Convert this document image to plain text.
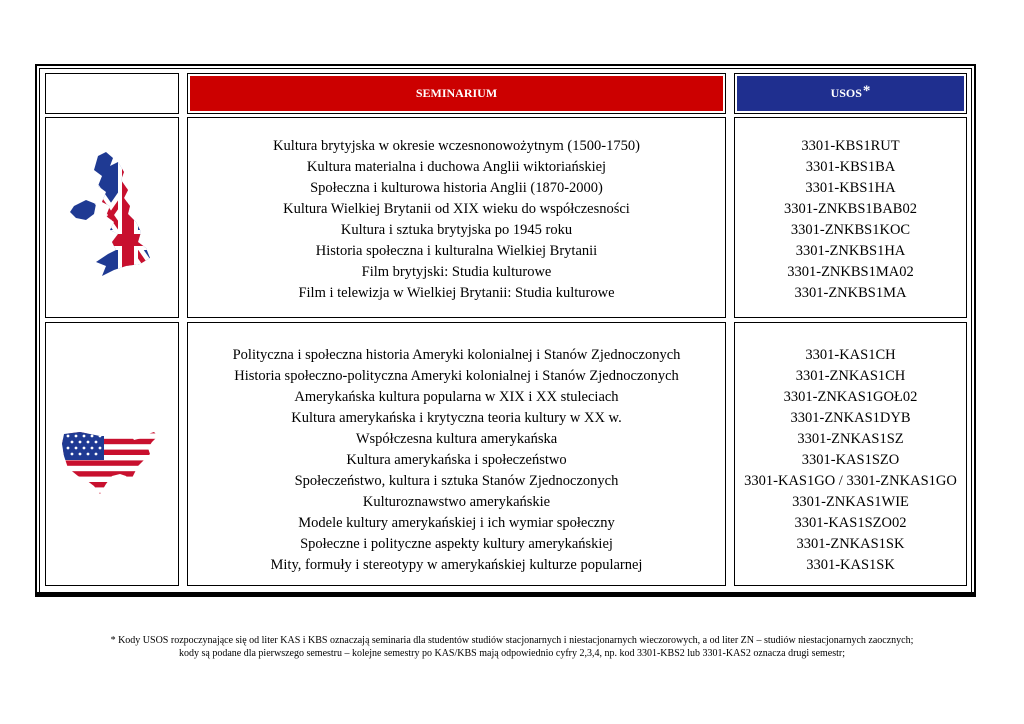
SEMINARIUM	USOS*
Kultura brytyjska w okresie wczesnonowożytnym (1500-1750)
Kultura materialna i duchowa Anglii wiktoriańskiej
Społeczna i kulturowa historia Anglii (1870-2000)
Kultura Wielkiej Brytanii od XIX wieku do współczesności
Kultura i sztuka brytyjska po 1945 roku
Historia społeczna i kulturalna Wielkiej Brytanii
Film brytyjski: Studia kulturowe
Film i telewizja w Wielkiej Brytanii: Studia kulturowe
3301-KBS1RUT
3301-KBS1BA
3301-KBS1HA
3301-ZNKBS1BAB02
3301-ZNKBS1KOC
3301-ZNKBS1HA
3301-ZNKBS1MA02
3301-ZNKBS1MA
Polityczna i społeczna historia Ameryki kolonialnej i Stanów Zjednoczonych
Historia społeczno-polityczna Ameryki kolonialnej i Stanów Zjednoczonych
Amerykańska kultura popularna w XIX i XX stuleciach
Kultura amerykańska i krytyczna teoria kultury w XX w.
Współczesna kultura amerykańska
Kultura amerykańska i społeczeństwo
Społeczeństwo, kultura i sztuka Stanów Zjednoczonych
Kulturoznawstwo amerykańskie
Modele kultury amerykańskiej i ich wymiar społeczny
Społeczne i polityczne aspekty kultury amerykańskiej
Mity, formuły i stereotypy w amerykańskiej kulturze popularnej
3301-KAS1CH
3301-ZNKAS1CH
3301-ZNKAS1GOŁ02
3301-ZNKAS1DYB
3301-ZNKAS1SZ
3301-KAS1SZO
3301-KAS1GO / 3301-ZNKAS1GO
3301-ZNKAS1WIE
3301-KAS1SZO02
3301-ZNKAS1SK
3301-KAS1SK
* Kody USOS rozpoczynające się od liter KAS i KBS oznaczają seminaria dla studentów studiów stacjonarnych i niestacjonarnych wieczorowych, a od liter ZN – studiów niestacjonarnych zaocznych;
kody są podane dla pierwszego semestru – kolejne semestry po KAS/KBS mają odpowiednio cyfry 2,3,4, np. kod 3301-KBS2 lub 3301-KAS2 oznacza drugi semestr;
